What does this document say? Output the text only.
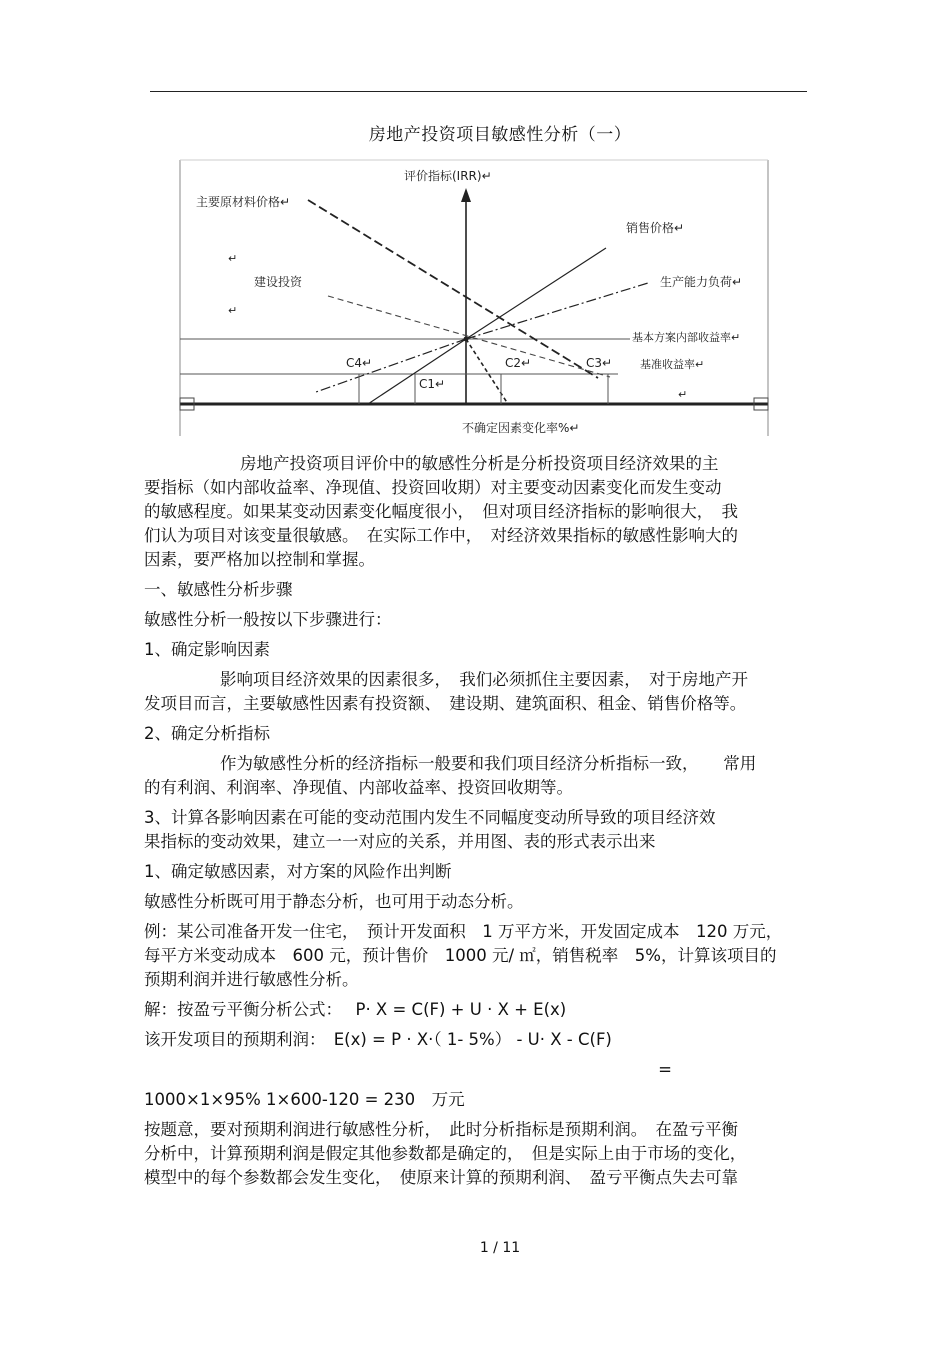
房地产投资项目敏感性分析（一）
评价指标(IRR)↵
主要原材料价格↵
↵
建设投资
↵
销售价格↵
生产能力负荷↵
基本方案内部收益率↵
基准收益率↵
C4↵	C2↵	C3↵
C1↵
↵
不确定因素变化率%↵

房地产投资项目评价中的敏感性分析是分析投资项目经济效果的主
要指标（如内部收益率、净现值、投资回收期）对主要变动因素变化而发生变动
的敏感程度。如果某变动因素变化幅度很小，　但对项目经济指标的影响很大，　我
们认为项目对该变量很敏感。　在实际工作中，　对经济效果指标的敏感性影响大的
因素，要严格加以控制和掌握。

一、敏感性分析步骤

敏感性分析一般按以下步骤进行：

1、确定影响因素

影响项目经济效果的因素很多，　我们必须抓住主要因素，　对于房地产开
发项目而言，主要敏感性因素有投资额、　建设期、建筑面积、租金、销售价格等。

2、确定分析指标

作为敏感性分析的经济指标一般要和我们项目经济分析指标一致，　　常用
的有利润、利润率、净现值、内部收益率、投资回收期等。

3、计算各影响因素在可能的变动范围内发生不同幅度变动所导致的项目经济效
果指标的变动效果，建立一一对应的关系，并用图、表的形式表示出来

1、确定敏感因素，对方案的风险作出判断

敏感性分析既可用于静态分析，也可用于动态分析。

例：某公司准备开发一住宅，　预计开发面积　1 万平方米，开发固定成本　120 万元，
每平方米变动成本　600 元，预计售价　1000 元/ ㎡，销售税率　5%，计算该项目的
预期利润并进行敏感性分析。

解：按盈亏平衡分析公式：　 P· X = C(F) + U · X + E(x)

该开发项目的预期利润：　E(x) = P · X·（ 1- 5%） - U· X - C(F)

=

1000×1×95% 1×600-120 = 230　万元

按题意，要对预期利润进行敏感性分析，　此时分析指标是预期利润。　在盈亏平衡
分析中，计算预期利润是假定其他参数都是确定的，　但是实际上由于市场的变化，
模型中的每个参数都会发生变化，　使原来计算的预期利润、　盈亏平衡点失去可靠

1 / 11
